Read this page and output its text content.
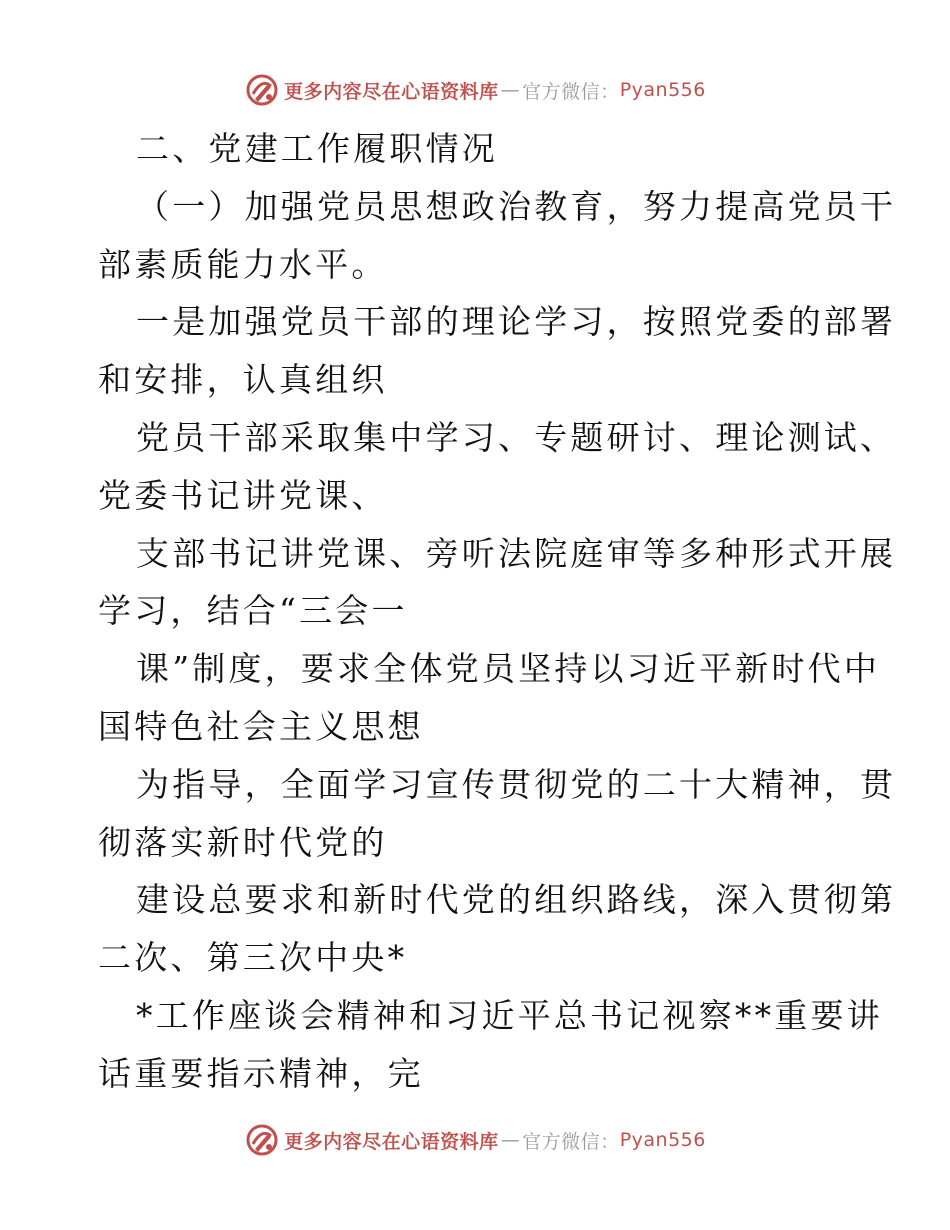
更多内容尽在心语资料库 — 官方微信： Pyan556
二、党建工作履职情况
（一）加强党员思想政治教育，努力提高党员干
部素质能力水平。
一是加强党员干部的理论学习，按照党委的部署
和安排，认真组织
党员干部采取集中学习、专题研讨、理论测试、
党委书记讲党课、
支部书记讲党课、旁听法院庭审等多种形式开展
学习，结合“三会一
课”制度，要求全体党员坚持以习近平新时代中
国特色社会主义思想
为指导，全面学习宣传贯彻党的二十大精神，贯
彻落实新时代党的
建设总要求和新时代党的组织路线，深入贯彻第
二次、第三次中央*
*工作座谈会精神和习近平总书记视察**重要讲
话重要指示精神，完
更多内容尽在心语资料库 — 官方微信： Pyan556
